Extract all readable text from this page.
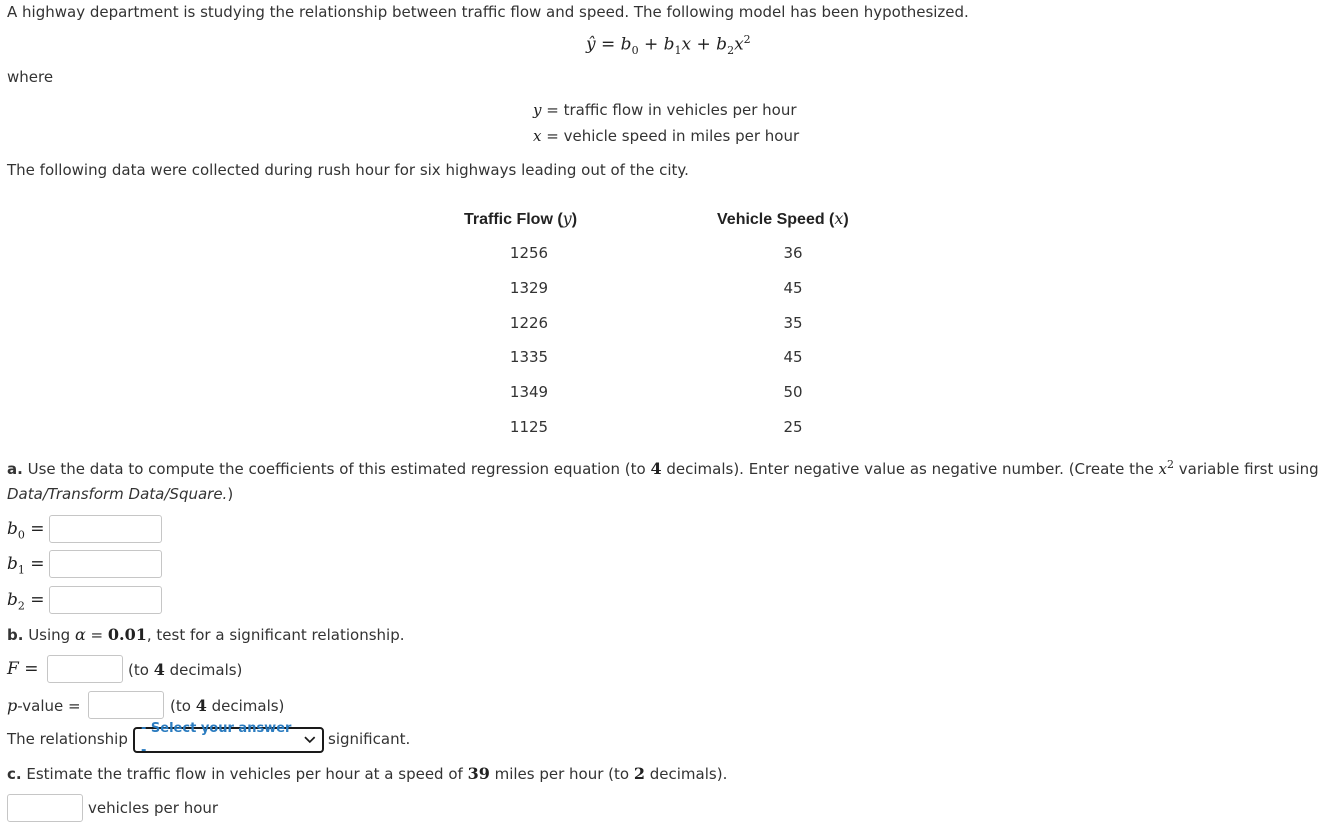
A highway department is studying the relationship between traffic flow and speed. The following model has been hypothesized.
ŷ = $b_0 + b_1x + b_2x^2$
where
y = traffic flow in vehicles per hour
x = vehicle speed in miles per hour
The following data were collected during rush hour for six highways leading out of the city.
Traffic Flow (y)	Vehicle Speed (x)
1256	36
1329	45
1226	35
1335	45
1349	50
1125	25
a. Use the data to compute the coefficients of this estimated regression equation (to 4 decimals). Enter negative value as negative number. (Create the $x^2$ variable first using
Data/Transform Data/Square.)
$b_0$ =
$b_1$ =
$b_2$ =
b. Using α = 0.01, test for a significant relationship.
F =	(to 4 decimals)
p-value =	(to 4 decimals)
The relationship
- Select your answer -
significant.
c. Estimate the traffic flow in vehicles per hour at a speed of 39 miles per hour (to 2 decimals).
vehicles per hour
